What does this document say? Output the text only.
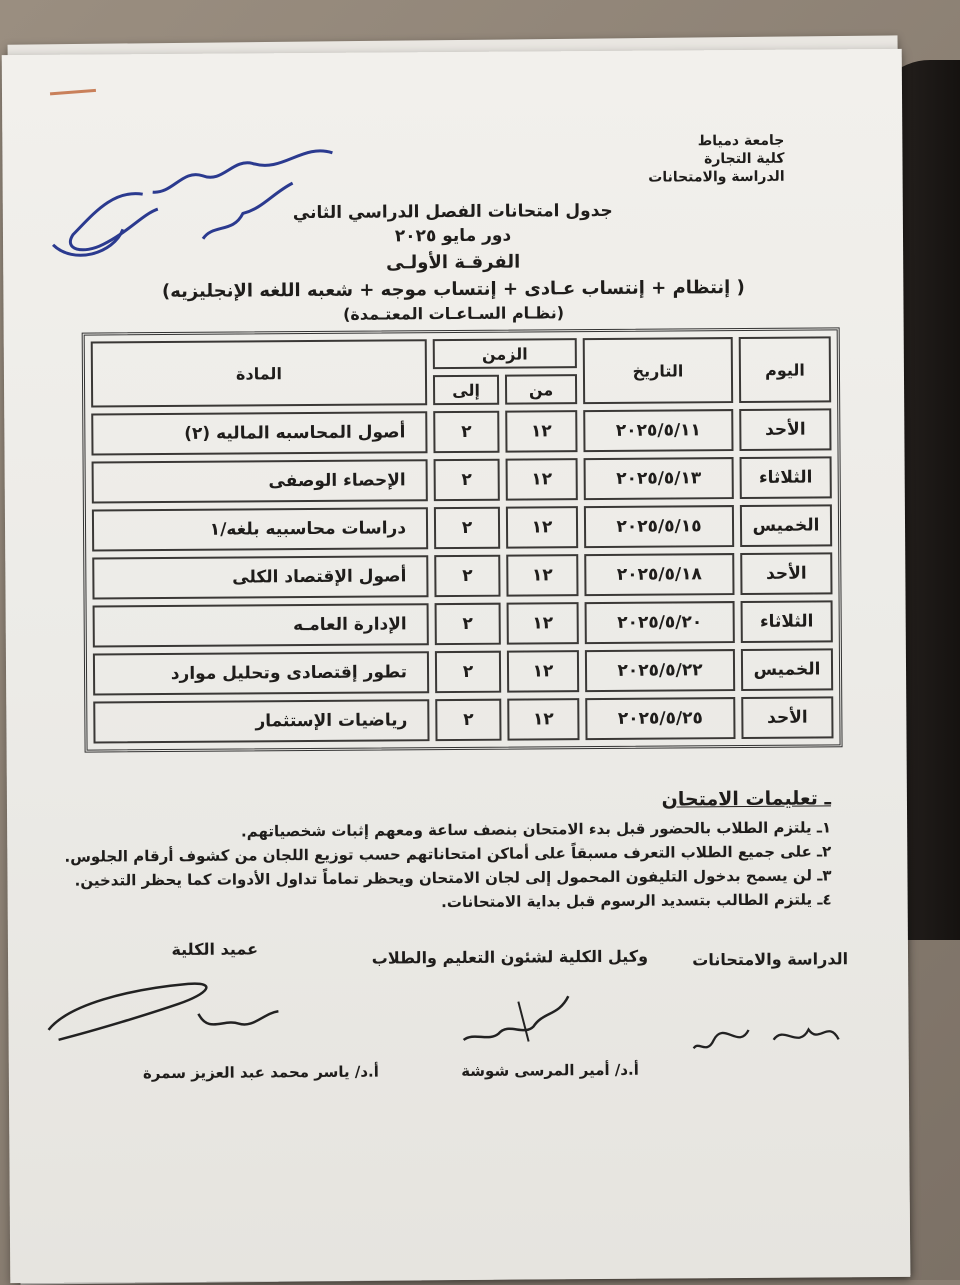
جامعة دمياط
كلية التجارة
الدراسة والامتحانات
جدول امتحانات الفصل الدراسي الثاني
دور مايو ٢٠٢٥
الفرقـة الأولـى
( إنتظام + إنتساب عـادى + إنتساب موجه + شعبه اللغه الإنجليزيه)
(نظـام السـاعـات المعتـمدة)
اليوم	التاريخ	الزمن		المادة
		من	إلى	
الأحد	٢٠٢٥/٥/١١	١٢	٢	أصول المحاسبه الماليه (٢)
الثلاثاء	٢٠٢٥/٥/١٣	١٢	٢	الإحصاء الوصفى
الخميس	٢٠٢٥/٥/١٥	١٢	٢	دراسات محاسبيه بلغه/١
الأحد	٢٠٢٥/٥/١٨	١٢	٢	أصول الإقتصاد الكلى
الثلاثاء	٢٠٢٥/٥/٢٠	١٢	٢	الإدارة العامـه
الخميس	٢٠٢٥/٥/٢٢	١٢	٢	تطور إقتصادى وتحليل موارد
الأحد	٢٠٢٥/٥/٢٥	١٢	٢	رياضيات الإستثمار
ـ تعليمات الامتحان
١ـ يلتزم الطلاب بالحضور قبل بدء الامتحان بنصف ساعة ومعهم إثبات شخصياتهم.
٢ـ على جميع الطلاب التعرف مسبقاً على أماكن امتحاناتهم حسب توزيع اللجان من كشوف أرقام الجلوس.
٣ـ لن يسمح بدخول التليفون المحمول إلى لجان الامتحان ويحظر تماماً تداول الأدوات كما يحظر التدخين.
٤ـ يلتزم الطالب بتسديد الرسوم قبل بداية الامتحانات.
الدراسة والامتحانات
وكيل الكلية لشئون التعليم والطلاب
عميد الكلية
أ.د/ أمير المرسى شوشة
أ.د/ ياسر محمد عبد العزيز سمرة
